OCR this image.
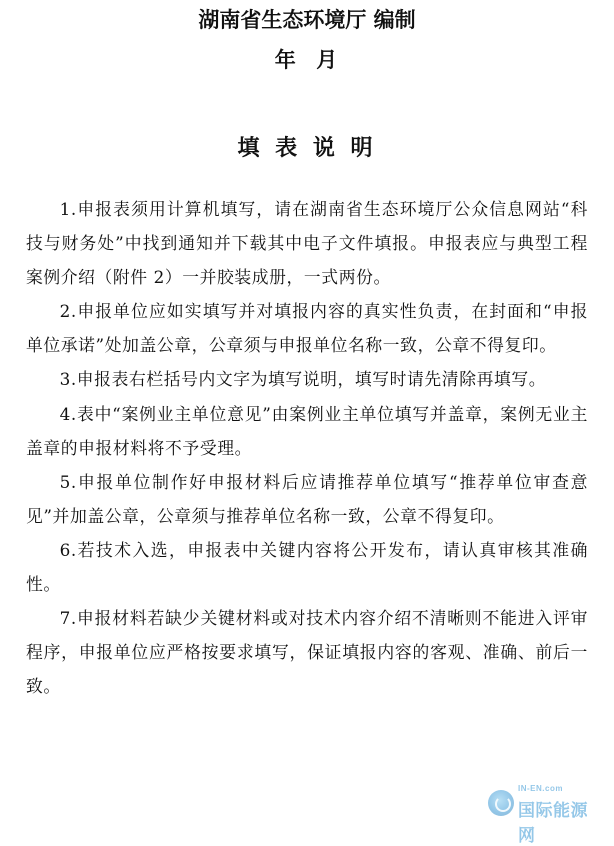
湖南省生态环境厅 编制
年  月
填 表 说 明
1.申报表须用计算机填写，请在湖南省生态环境厅公众信息网站“科技与财务处”中找到通知并下载其中电子文件填报。申报表应与典型工程案例介绍（附件 2）一并胶装成册，一式两份。
2.申报单位应如实填写并对填报内容的真实性负责，在封面和“申报单位承诺”处加盖公章，公章须与申报单位名称一致，公章不得复印。
3.申报表右栏括号内文字为填写说明，填写时请先清除再填写。
4.表中“案例业主单位意见”由案例业主单位填写并盖章，案例无业主盖章的申报材料将不予受理。
5.申报单位制作好申报材料后应请推荐单位填写“推荐单位审查意见”并加盖公章，公章须与推荐单位名称一致，公章不得复印。
6.若技术入选，申报表中关键内容将公开发布，请认真审核其准确性。
7.申报材料若缺少关键材料或对技术内容介绍不清晰则不能进入评审程序，申报单位应严格按要求填写，保证填报内容的客观、准确、前后一致。
IN-EN.com
国际能源网
